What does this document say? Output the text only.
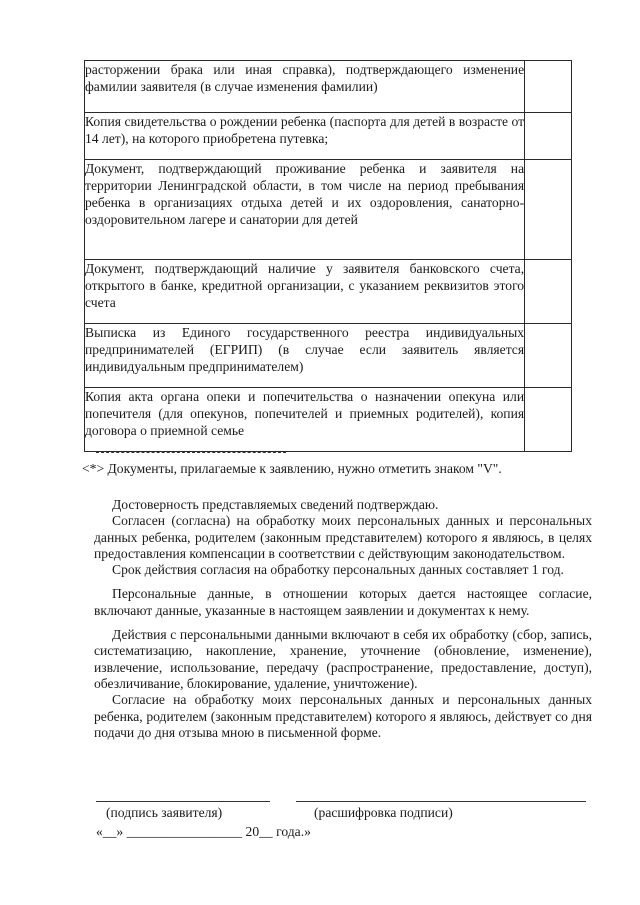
расторжении брака или иная справка), подтверждающего изменение фамилии заявителя (в случае изменения фамилии)	
Копия свидетельства о рождении ребенка (паспорта для детей в возрасте от 14 лет), на которого приобретена путевка;	
Документ, подтверждающий проживание ребенка и заявителя на территории Ленинградской области, в том числе на период пребывания ребенка в организациях отдыха детей и их оздоровления, санаторно-оздоровительном лагере и санатории для детей	
Документ, подтверждающий наличие у заявителя банковского счета, открытого в банке, кредитной организации, с указанием реквизитов этого счета	
Выписка из Единого государственного реестра индивидуальных предпринимателей (ЕГРИП) (в случае если заявитель является индивидуальным предпринимателем)	
Копия акта органа опеки и попечительства о назначении опекуна или попечителя (для опекунов, попечителей и приемных родителей), копия договора о приемной семье	
<*> Документы, прилагаемые к заявлению, нужно отметить знаком "V".

Достоверность представляемых сведений подтверждаю.

Согласен (согласна) на обработку моих персональных данных и персональных данных ребенка, родителем (законным представителем) которого я являюсь, в целях предоставления компенсации в соответствии с действующим законодательством.

Срок действия согласия на обработку персональных данных составляет 1 год.

Персональные данные, в отношении которых дается настоящее согласие, включают данные, указанные в настоящем заявлении и документах к нему.

Действия с персональными данными включают в себя их обработку (сбор, запись, систематизацию, накопление, хранение, уточнение (обновление, изменение), извлечение, использование, передачу (распространение, предоставление, доступ), обезличивание, блокирование, удаление, уничтожение).

Согласие на обработку моих персональных данных и персональных данных ребенка, родителем (законным представителем) которого я являюсь, действует со дня подачи до дня отзыва мною в письменной форме.

(подпись заявителя)	(расшифровка подписи)
«__» _________________ 20__ года.»
